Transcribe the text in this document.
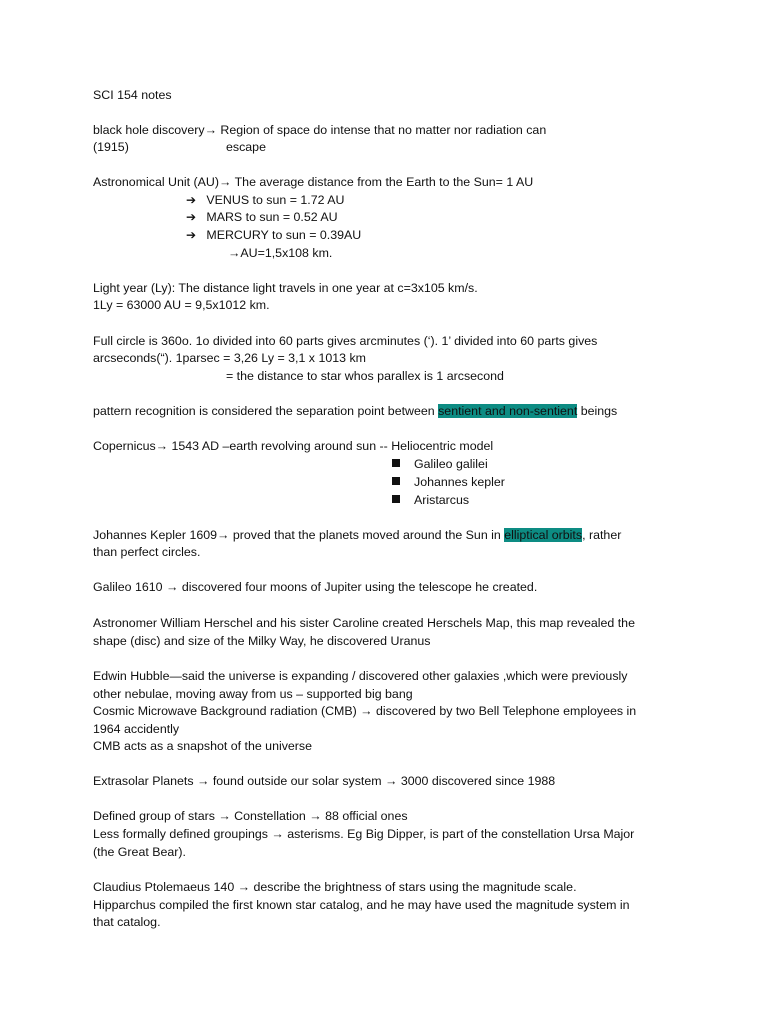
SCI 154 notes
black hole discovery→ Region of space do intense that no matter nor radiation can
(1915)	escape
Astronomical Unit (AU)→ The average distance from the Earth to the Sun= 1 AU
➔ VENUS to sun = 1.72 AU
➔ MARS to sun = 0.52 AU
➔ MERCURY to sun = 0.39AU
→AU=1,5x108 km.
Light year (Ly): The distance light travels in one year at c=3x105 km/s.
1Ly = 63000 AU = 9,5x1012 km.
Full circle is 360o. 1o divided into 60 parts gives arcminutes (‘). 1’ divided into 60 parts gives
arcseconds(“). 1parsec = 3,26 Ly = 3,1 x 1013 km
= the distance to star whos parallex is 1 arcsecond
pattern recognition is considered the separation point between sentient and non-sentient beings
Copernicus→ 1543 AD –earth revolving around sun -- Heliocentric model
Galileo galilei
Johannes kepler
Aristarcus
Johannes Kepler 1609→ proved that the planets moved around the Sun in elliptical orbits, rather
than perfect circles.
Galileo 1610 → discovered four moons of Jupiter using the telescope he created.
Astronomer William Herschel and his sister Caroline created Herschels Map, this map revealed the
shape (disc) and size of the Milky Way, he discovered Uranus
Edwin Hubble—said the universe is expanding / discovered other galaxies ,which were previously
other nebulae, moving away from us – supported big bang
Cosmic Microwave Background radiation (CMB) → discovered by two Bell Telephone employees in
1964 accidently
CMB acts as a snapshot of the universe
Extrasolar Planets → found outside our solar system → 3000 discovered since 1988
Defined group of stars → Constellation → 88 official ones
Less formally defined groupings → asterisms. Eg Big Dipper, is part of the constellation Ursa Major
(the Great Bear).
Claudius Ptolemaeus 140 → describe the brightness of stars using the magnitude scale.
Hipparchus compiled the first known star catalog, and he may have used the magnitude system in
that catalog.
